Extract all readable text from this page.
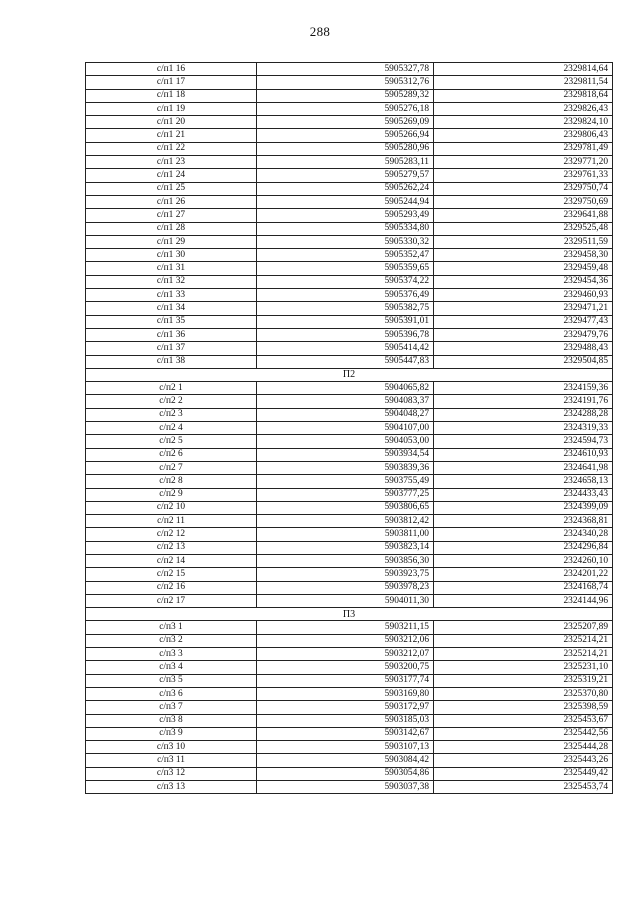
288
с/п1 16	5905327,78	2329814,64
с/п1 17	5905312,76	2329811,54
с/п1 18	5905289,32	2329818,64
с/п1 19	5905276,18	2329826,43
с/п1 20	5905269,09	2329824,10
с/п1 21	5905266,94	2329806,43
с/п1 22	5905280,96	2329781,49
с/п1 23	5905283,11	2329771,20
с/п1 24	5905279,57	2329761,33
с/п1 25	5905262,24	2329750,74
с/п1 26	5905244,94	2329750,69
с/п1 27	5905293,49	2329641,88
с/п1 28	5905334,80	2329525,48
с/п1 29	5905330,32	2329511,59
с/п1 30	5905352,47	2329458,30
с/п1 31	5905359,65	2329459,48
с/п1 32	5905374,22	2329454,36
с/п1 33	5905376,49	2329460,93
с/п1 34	5905382,75	2329471,21
с/п1 35	5905391,01	2329477,43
с/п1 36	5905396,78	2329479,76
с/п1 37	5905414,42	2329488,43
с/п1 38	5905447,83	2329504,85
П2		
с/п2 1	5904065,82	2324159,36
с/п2 2	5904083,37	2324191,76
с/п2 3	5904048,27	2324288,28
с/п2 4	5904107,00	2324319,33
с/п2 5	5904053,00	2324594,73
с/п2 6	5903934,54	2324610,93
с/п2 7	5903839,36	2324641,98
с/п2 8	5903755,49	2324658,13
с/п2 9	5903777,25	2324433,43
с/п2 10	5903806,65	2324399,09
с/п2 11	5903812,42	2324368,81
с/п2 12	5903811,00	2324340,28
с/п2 13	5903823,14	2324296,84
с/п2 14	5903856,30	2324260,10
с/п2 15	5903923,75	2324201,22
с/п2 16	5903978,23	2324168,74
с/п2 17	5904011,30	2324144,96
П3		
с/п3 1	5903211,15	2325207,89
с/п3 2	5903212,06	2325214,21
с/п3 3	5903212,07	2325214,21
с/п3 4	5903200,75	2325231,10
с/п3 5	5903177,74	2325319,21
с/п3 6	5903169,80	2325370,80
с/п3 7	5903172,97	2325398,59
с/п3 8	5903185,03	2325453,67
с/п3 9	5903142,67	2325442,56
с/п3 10	5903107,13	2325444,28
с/п3 11	5903084,42	2325443,26
с/п3 12	5903054,86	2325449,42
с/п3 13	5903037,38	2325453,74
